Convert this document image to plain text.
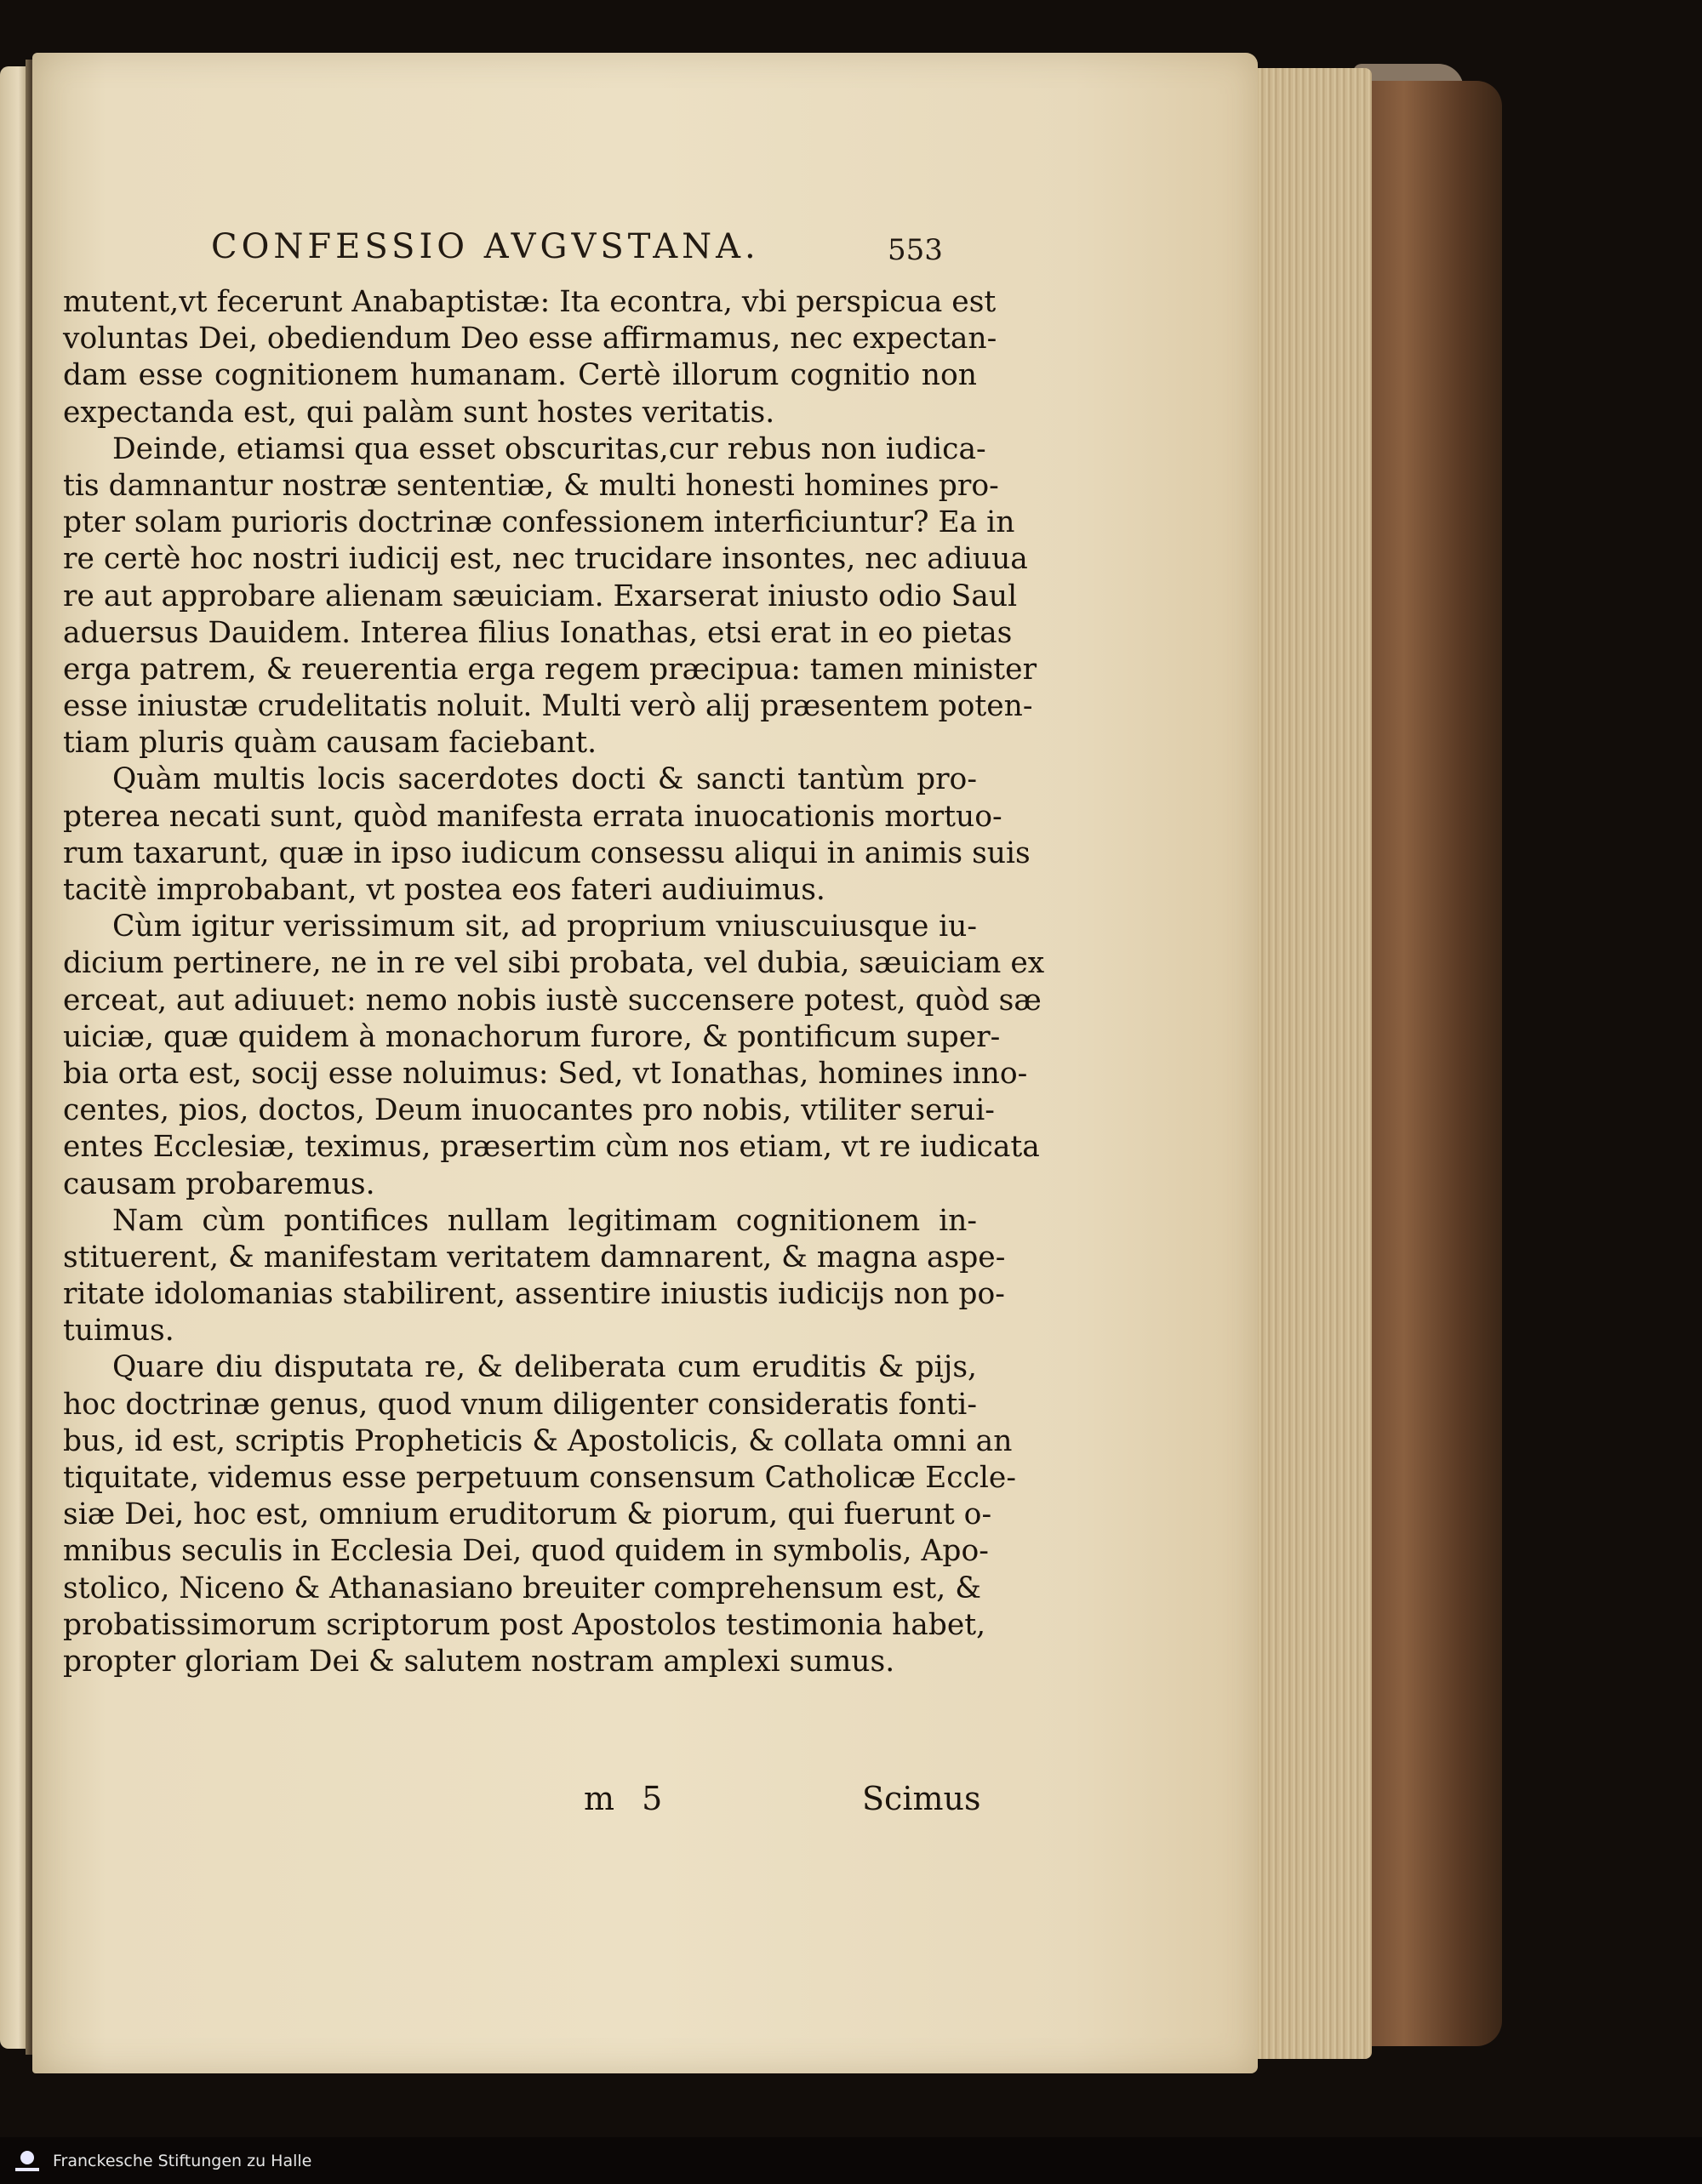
CONFESSIO AVGVSTANA.	553
mutent,vt fecerunt Anabaptistæ: Ita econtra, vbi perspicua est
voluntas Dei, obediendum Deo esse affirmamus, nec expectan-
dam esse cognitionem humanam. Certè illorum cognitio non
expectanda est, qui palàm sunt hostes veritatis.
Deinde, etiamsi qua esset obscuritas,cur rebus non iudica-
tis damnantur nostræ sententiæ, & multi honesti homines pro-
pter solam purioris doctrinæ confessionem interficiuntur? Ea in
re certè hoc nostri iudicij est, nec trucidare insontes, nec adiuua
re aut approbare alienam sæuiciam. Exarserat iniusto odio Saul
aduersus Dauidem. Interea filius Ionathas, etsi erat in eo pietas
erga patrem, & reuerentia erga regem præcipua: tamen minister
esse iniustæ crudelitatis noluit. Multi verò alij præsentem poten-
tiam pluris quàm causam faciebant.
Quàm multis locis sacerdotes docti & sancti tantùm pro-
pterea necati sunt, quòd manifesta errata inuocationis mortuo-
rum taxarunt, quæ in ipso iudicum consessu aliqui in animis suis
tacitè improbabant, vt postea eos fateri audiuimus.
Cùm igitur verissimum sit, ad proprium vniuscuiusque iu-
dicium pertinere, ne in re vel sibi probata, vel dubia, sæuiciam ex
erceat, aut adiuuet: nemo nobis iustè succensere potest, quòd sæ
uiciæ, quæ quidem à monachorum furore, & pontificum super-
bia orta est, socij esse noluimus: Sed, vt Ionathas, homines inno-
centes, pios, doctos, Deum inuocantes pro nobis, vtiliter serui-
entes Ecclesiæ, teximus, præsertim cùm nos etiam, vt re iudicata
causam probaremus.
Nam cùm pontifices nullam legitimam cognitionem in-
stituerent, & manifestam veritatem damnarent, & magna aspe-
ritate idolomanias stabilirent, assentire iniustis iudicijs non po-
tuimus.
Quare diu disputata re, & deliberata cum eruditis & pijs,
hoc doctrinæ genus, quod vnum diligenter consideratis fonti-
bus, id est, scriptis Propheticis & Apostolicis, & collata omni an
tiquitate, videmus esse perpetuum consensum Catholicæ Eccle-
siæ Dei, hoc est, omnium eruditorum & piorum, qui fuerunt o-
mnibus seculis in Ecclesia Dei, quod quidem in symbolis, Apo-
stolico, Niceno & Athanasiano breuiter comprehensum est, &
probatissimorum scriptorum post Apostolos testimonia habet,
propter gloriam Dei & salutem nostram amplexi sumus.
m 5	Scimus
Franckesche Stiftungen zu Halle
